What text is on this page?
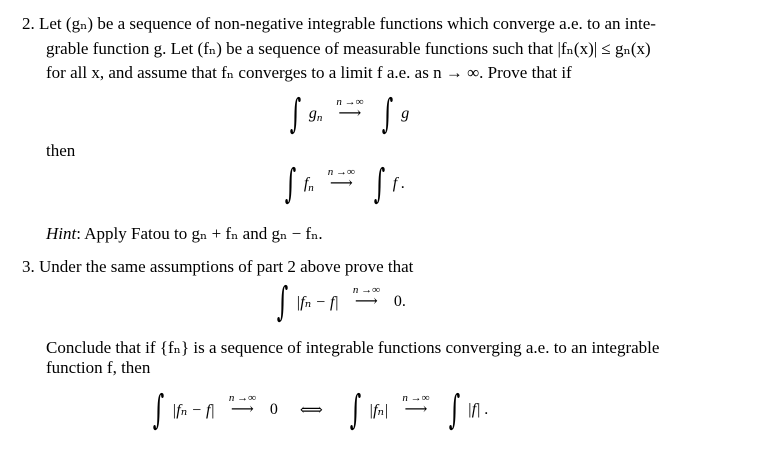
2. Let (gₙ) be a sequence of non-negative integrable functions which converge a.e. to an inte-
grable function g. Let (fₙ) be a sequence of measurable functions such that |fₙ(x)| ≤ gₙ(x)
for all x, and assume that fₙ converges to a limit f a.e. as n → ∞. Prove that if
∫ $g_n$
n →∞
⟶ ∫ g
then
∫ $f_n$
n →∞
⟶ ∫ f .
Hint: Apply Fatou to gₙ + fₙ and gₙ − fₙ.
3. Under the same assumptions of part 2 above prove that
∫ |fₙ − f|
n →∞
⟶ 0.
Conclude that if {fₙ} is a sequence of integrable functions converging a.e. to an integrable
function f, then
∫ |fₙ − f|
n →∞
⟶ 0 ⟺ ∫ |fₙ|
n →∞
⟶ ∫ |f| .
